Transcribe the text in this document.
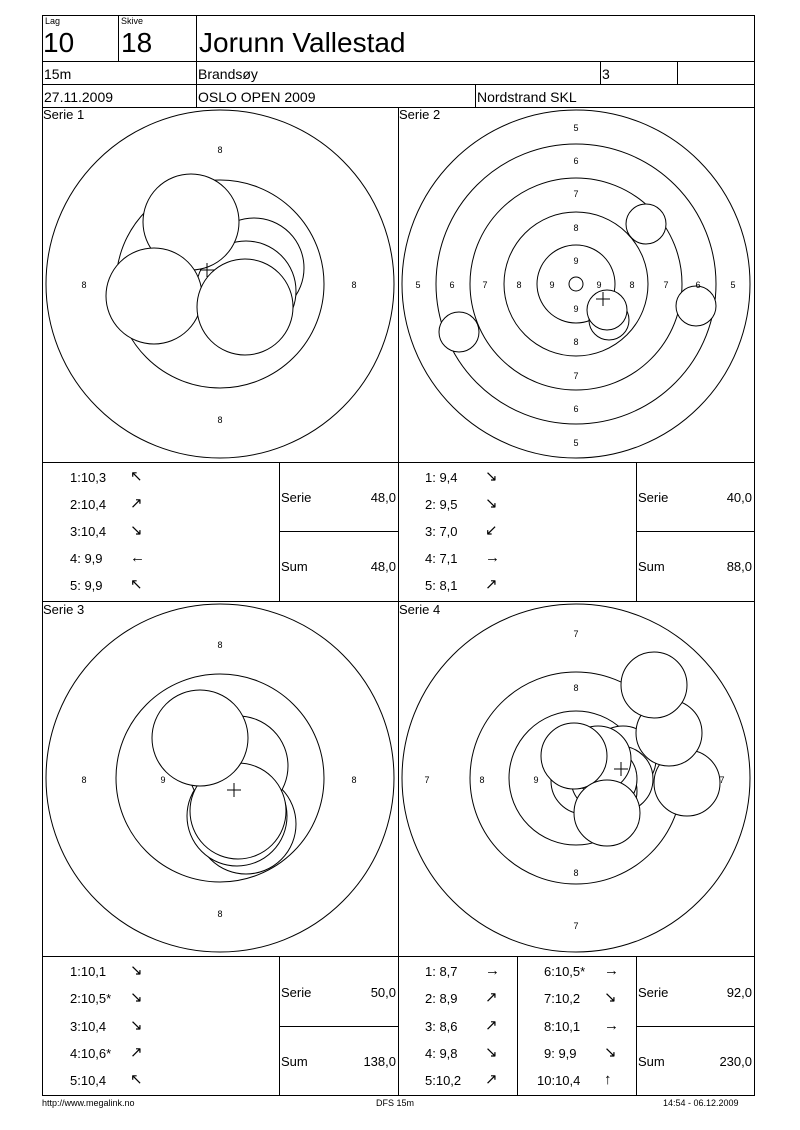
Lag
10
Skive
18 Jorunn Vallestad
15m	Brandsøy	3
27.11.2009	OSLO OPEN 2009	Nordstrand SKL
Serie 1
8
8	8
8
Serie 2
5
6
7
8
9
9	9
9
8
7
6
5
5	6	7	8	8	7	6	5
1:10,3 ↖
2:10,4 ↗
3:10,4 ↘
4: 9,9 ←
5: 9,9 ↖
Serie	48,0
Sum	48,0
1: 9,4 ↘
2: 9,5 ↘
3: 7,0 ↙
4: 7,1 →
5: 8,1 ↗
Serie	40,0
Sum	88,0
Serie 3
8
8	9	8
8
Serie 4
7
8
7	8	9	7
8
7
1:10,1 ↘
2:10,5* ↘
3:10,4 ↘
4:10,6* ↗
5:10,4 ↖
Serie	50,0
Sum	138,0
1: 8,7 →
2: 8,9 ↗
3: 8,6 ↗
4: 9,8 ↘
5:10,2 ↗
6:10,5* →
7:10,2 ↘
8:10,1 →
9: 9,9 ↘
10:10,4 ↑
Serie	92,0
Sum	230,0
http://www.megalink.no	DFS 15m	14:54 - 06.12.2009
